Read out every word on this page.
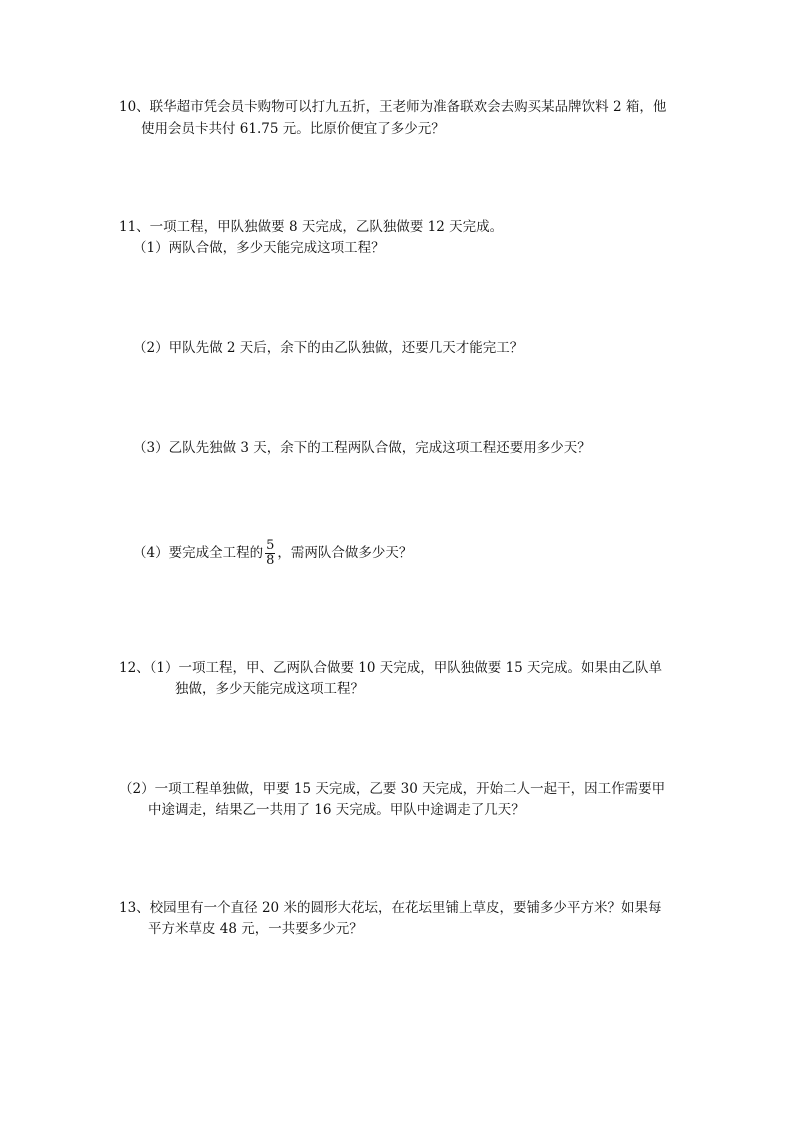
10、联华超市凭会员卡购物可以打九五折，王老师为准备联欢会去购买某品牌饮料 2 箱，他
使用会员卡共付 61.75 元。比原价便宜了多少元？
11、一项工程，甲队独做要 8 天完成，乙队独做要 12 天完成。
（1）两队合做，多少天能完成这项工程？
（2）甲队先做 2 天后，余下的由乙队独做，还要几天才能完工？
（3）乙队先独做 3 天，余下的工程两队合做，完成这项工程还要用多少天？
（4）要完成全工程的 $\frac{5}{8}$ ，需两队合做多少天？
12、（1）一项工程，甲、乙两队合做要 10 天完成，甲队独做要 15 天完成。如果由乙队单
独做，多少天能完成这项工程？
（2）一项工程单独做，甲要 15 天完成，乙要 30 天完成，开始二人一起干，因工作需要甲
中途调走，结果乙一共用了 16 天完成。甲队中途调走了几天？
13、校园里有一个直径 20 米的圆形大花坛，在花坛里铺上草皮，要铺多少平方米？如果每
平方米草皮 48 元，一共要多少元？
